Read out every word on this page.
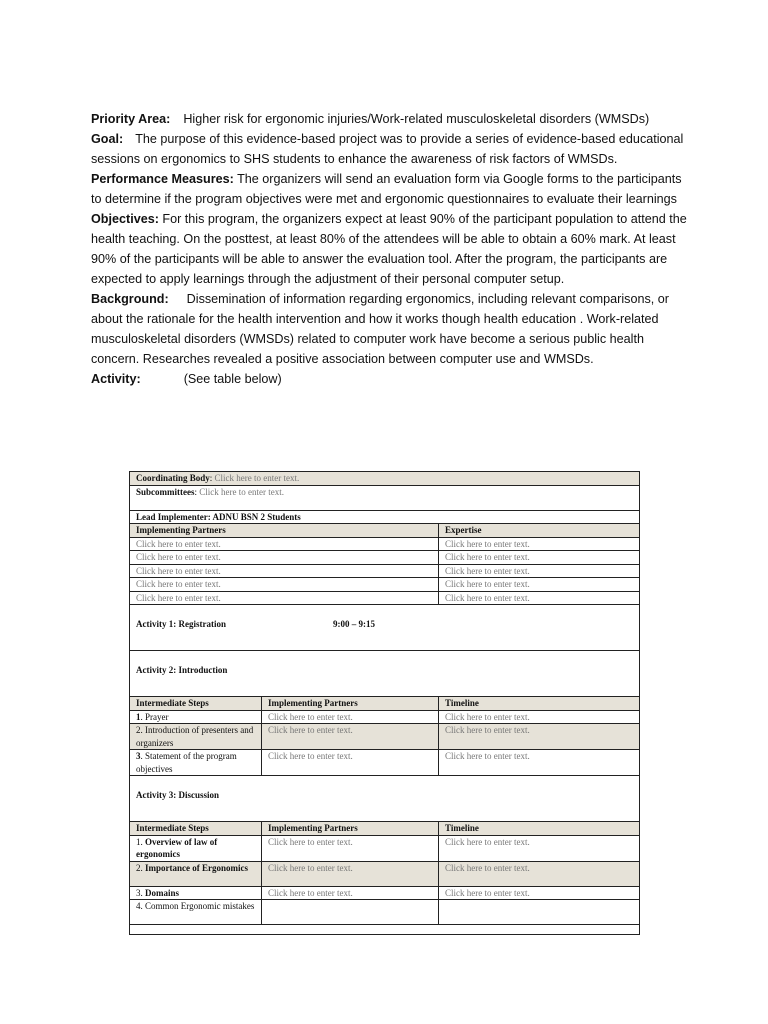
Priority Area: Higher risk for ergonomic injuries/Work-related musculoskeletal disorders (WMSDs)

Goal: The purpose of this evidence-based project was to provide a series of evidence-based educational sessions on ergonomics to SHS students to enhance the awareness of risk factors of WMSDs.

Performance Measures: The organizers will send an evaluation form via Google forms to the participants to determine if the program objectives were met and ergonomic questionnaires to evaluate their learnings

Objectives: For this program, the organizers expect at least 90% of the participant population to attend the health teaching. On the posttest, at least 80% of the attendees will be able to obtain a 60% mark. At least 90% of the participants will be able to answer the evaluation tool. After the program, the participants are expected to apply learnings through the adjustment of their personal computer setup.

Background: Dissemination of information regarding ergonomics, including relevant comparisons, or about the rationale for the health intervention and how it works though health education . Work-related musculoskeletal disorders (WMSDs) related to computer work have become a serious public health concern. Researches revealed a positive association between computer use and WMSDs.

Activity:	(See table below)

Coordinating Body: Click here to enter text.		
Subcommittees: Click here to enter text.		
Lead Implementer: ADNU BSN 2 Students		
Implementing Partners		Expertise
Click here to enter text.		Click here to enter text.
Click here to enter text.		Click here to enter text.
Click here to enter text.		Click here to enter text.
Click here to enter text.		Click here to enter text.
Click here to enter text.		Click here to enter text.
Activity 1: Registration 9:00 – 9:15		
Activity 2: Introduction		
Intermediate Steps	Implementing Partners	Timeline
1. Prayer	Click here to enter text.	Click here to enter text.
2. Introduction of presenters and organizers	Click here to enter text.	Click here to enter text.
3. Statement of the program objectives	Click here to enter text.	Click here to enter text.
Activity 3: Discussion		
Intermediate Steps	Implementing Partners	Timeline
1. Overview of law of ergonomics	Click here to enter text.	Click here to enter text.
2. Importance of Ergonomics	Click here to enter text.	Click here to enter text.
3. Domains	Click here to enter text.	Click here to enter text.
4. Common Ergonomic mistakes		
